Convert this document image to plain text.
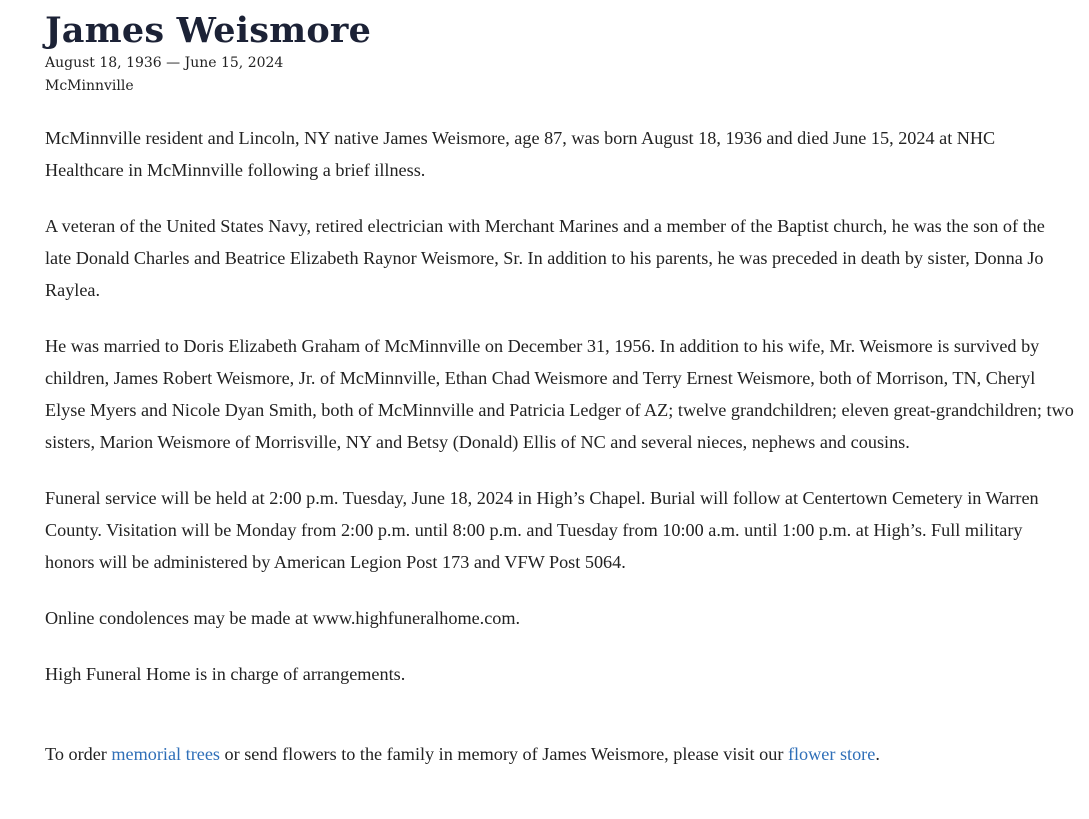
James Weismore
August 18, 1936 — June 15, 2024
McMinnville

McMinnville resident and Lincoln, NY native James Weismore, age 87, was born August 18, 1936 and died June 15, 2024 at NHC Healthcare in McMinnville following a brief illness.

A veteran of the United States Navy, retired electrician with Merchant Marines and a member of the Baptist church, he was the son of the late Donald Charles and Beatrice Elizabeth Raynor Weismore, Sr. In addition to his parents, he was preceded in death by sister, Donna Jo Raylea.

He was married to Doris Elizabeth Graham of McMinnville on December 31, 1956. In addition to his wife, Mr. Weismore is survived by children, James Robert Weismore, Jr. of McMinnville, Ethan Chad Weismore and Terry Ernest Weismore, both of Morrison, TN, Cheryl Elyse Myers and Nicole Dyan Smith, both of McMinnville and Patricia Ledger of AZ; twelve grandchildren; eleven great-grandchildren; two sisters, Marion Weismore of Morrisville, NY and Betsy (Donald) Ellis of NC and several nieces, nephews and cousins.

Funeral service will be held at 2:00 p.m. Tuesday, June 18, 2024 in High’s Chapel. Burial will follow at Centertown Cemetery in Warren County. Visitation will be Monday from 2:00 p.m. until 8:00 p.m. and Tuesday from 10:00 a.m. until 1:00 p.m. at High’s. Full military honors will be administered by American Legion Post 173 and VFW Post 5064.

Online condolences may be made at www.highfuneralhome.com.

High Funeral Home is in charge of arrangements.

To order memorial trees or send flowers to the family in memory of James Weismore, please visit our flower store.
